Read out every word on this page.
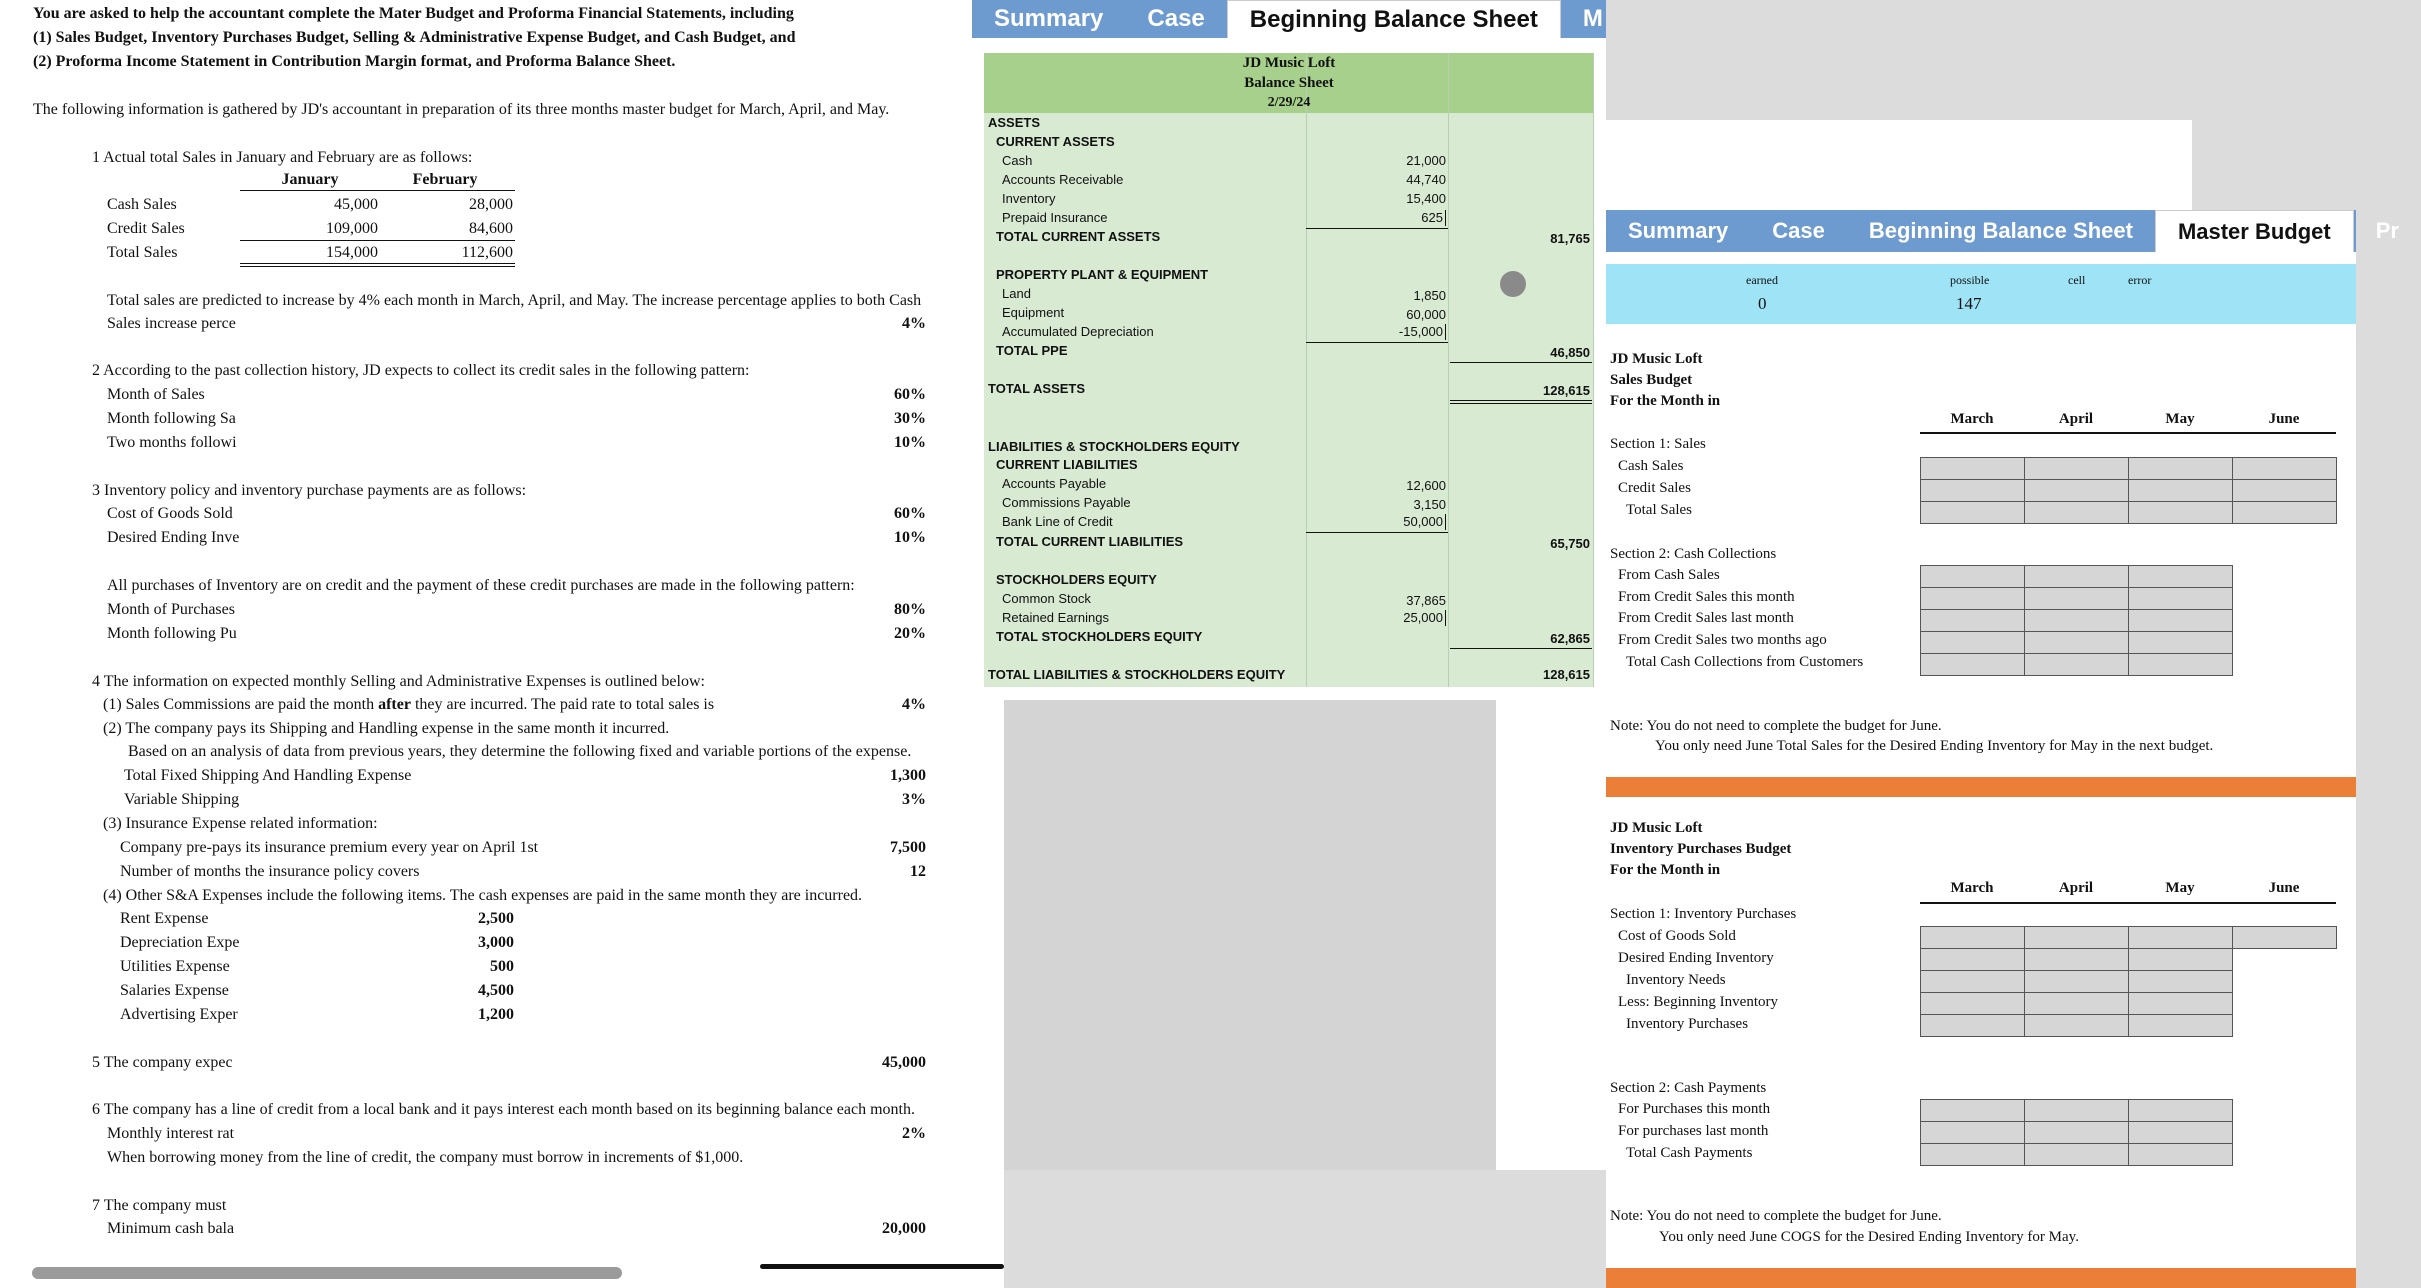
You are asked to help the accountant complete the Mater Budget and Proforma Financial Statements, including
(1) Sales Budget, Inventory Purchases Budget, Selling & Administrative Expense Budget, and Cash Budget, and
(2) Proforma Income Statement in Contribution Margin format, and Proforma Balance Sheet.
The following information is gathered by JD's accountant in preparation of its three months master budget for March, April, and May.
1 Actual total Sales in January and February are as follows:
January	February
Cash Sales	45,000	28,000
Credit Sales	109,000	84,600
Total Sales	154,000	112,600
Total sales are predicted to increase by 4% each month in March, April, and May. The increase percentage applies to both Cash
Sales increase perce	4%
2 According to the past collection history, JD expects to collect its credit sales in the following pattern:
Month of Sales	60%
Month following Sa	30%
Two months followi	10%
3 Inventory policy and inventory purchase payments are as follows:
Cost of Goods Sold	60%
Desired Ending Inve	10%
All purchases of Inventory are on credit and the payment of these credit purchases are made in the following pattern:
Month of Purchases	80%
Month following Pu	20%
4 The information on expected monthly Selling and Administrative Expenses is outlined below:
(1) Sales Commissions are paid the month after they are incurred. The paid rate to total sales is	4%
(2) The company pays its Shipping and Handling expense in the same month it incurred.
Based on an analysis of data from previous years, they determine the following fixed and variable portions of the expense.
Total Fixed Shipping And Handling Expense	1,300
Variable Shipping	3%
(3) Insurance Expense related information:
Company pre-pays its insurance premium every year on April 1st	7,500
Number of months the insurance policy covers	12
(4) Other S&A Expenses include the following items. The cash expenses are paid in the same month they are incurred.
Rent Expense	2,500
Depreciation Expe	3,000
Utilities Expense	500
Salaries Expense	4,500
Advertising Exper	1,200
5 The company expec	45,000
6 The company has a line of credit from a local bank and it pays interest each month based on its beginning balance each month.
Monthly interest rat	2%
When borrowing money from the line of credit, the company must borrow in increments of $1,000.
7 The company must
Minimum cash bala	20,000
Summary	Case	Beginning Balance Sheet	M
JD Music Loft
Balance Sheet
2/29/24
ASSETS
CURRENT ASSETS
Cash	21,000
Accounts Receivable	44,740
Inventory	15,400
Prepaid Insurance	625
TOTAL CURRENT ASSETS	81,765
PROPERTY PLANT & EQUIPMENT
Land	1,850
Equipment	60,000
Accumulated Depreciation	-15,000
TOTAL PPE	46,850
TOTAL ASSETS	128,615
LIABILITIES & STOCKHOLDERS EQUITY
CURRENT LIABILITIES
Accounts Payable	12,600
Commissions Payable	3,150
Bank Line of Credit	50,000
TOTAL CURRENT LIABILITIES	65,750
STOCKHOLDERS EQUITY
Common Stock	37,865
Retained Earnings	25,000
TOTAL STOCKHOLDERS EQUITY	62,865
TOTAL LIABILITIES & STOCKHOLDERS EQUITY	128,615
Summary	Case	Beginning Balance Sheet	Master Budget	Pr
earned
0
possible
147
cell	error
JD Music Loft
Sales Budget
For the Month in
March	April	May	June
Section 1: Sales
Cash Sales
Credit Sales
Total Sales
Section 2: Cash Collections
From Cash Sales
From Credit Sales this month
From Credit Sales last month
From Credit Sales two months ago
Total Cash Collections from Customers
Note: You do not need to complete the budget for June.
You only need June Total Sales for the Desired Ending Inventory for May in the next budget.
JD Music Loft
Inventory Purchases Budget
For the Month in
March	April	May	June
Section 1: Inventory Purchases
Cost of Goods Sold
Desired Ending Inventory
Inventory Needs
Less: Beginning Inventory
Inventory Purchases
Section 2: Cash Payments
For Purchases this month
For purchases last month
Total Cash Payments
Note: You do not need to complete the budget for June.
You only need June COGS for the Desired Ending Inventory for May.
